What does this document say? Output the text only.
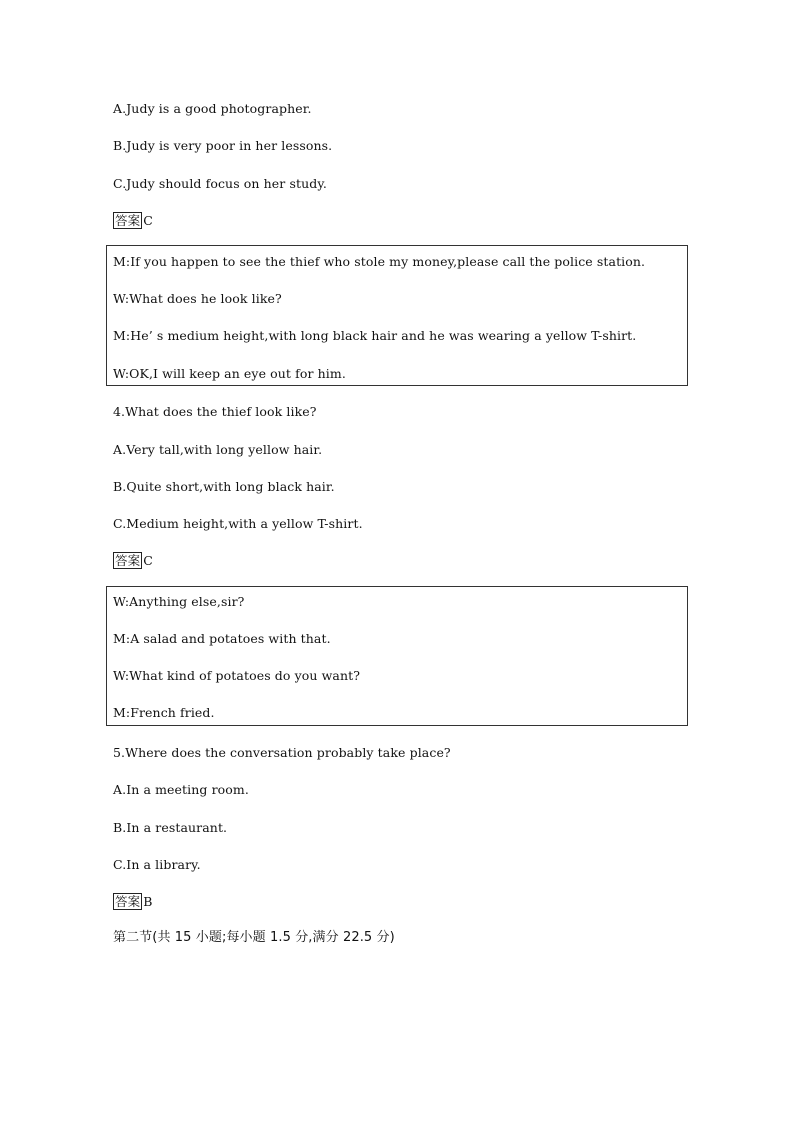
A.Judy is a good photographer.
B.Judy is very poor in her lessons.
C.Judy should focus on her study.
答案 C
M:If you happen to see the thief who stole my money,please call the police station.
W:What does he look like?
M:He’ s medium height,with long black hair and he was wearing a yellow T-shirt.
W:OK,I will keep an eye out for him.
4.What does the thief look like?
A.Very tall,with long yellow hair.
B.Quite short,with long black hair.
C.Medium height,with a yellow T-shirt.
答案 C
W:Anything else,sir?
M:A salad and potatoes with that.
W:What kind of potatoes do you want?
M:French fried.
5.Where does the conversation probably take place?
A.In a meeting room.
B.In a restaurant.
C.In a library.
答案 B
第二节(共 15 小题;每小题 1.5 分,满分 22.5 分)
